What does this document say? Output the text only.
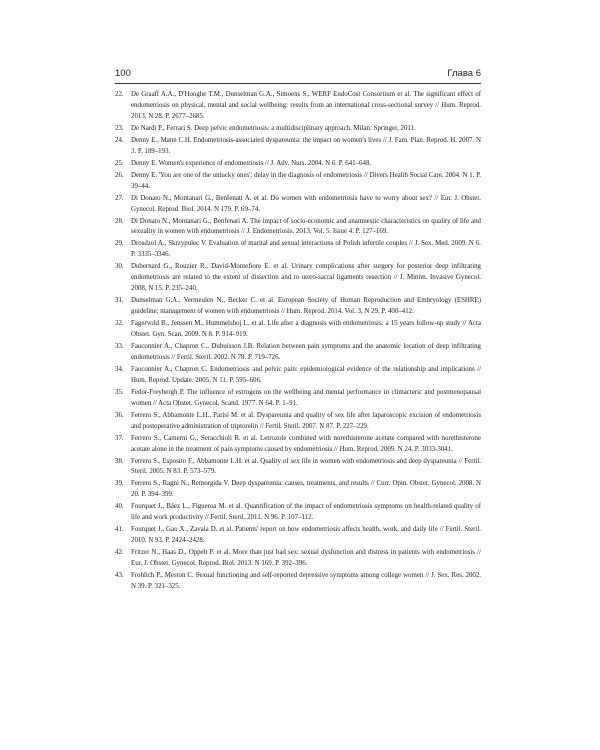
100	Глава 6
22.	De Graaff A.A., D'Hooghe T.M., Dunselman G.A., Simoens S., WERF EndoCost Consortium et al. The significant effect of endometriosis on physical, mental and social wellbeing: results from an international cross-sectional survey // Hum. Reprod. 2013. N 28. P. 2677–2685.
23.	De Nardi P., Ferrari S. Deep pelvic endometriosis: a multidisciplinary approach. Milan: Springer, 2011.
24.	Denny E., Mann C.H. Endometriosis-associated dyspareunia: the impact on women's lives // J. Fam. Plan. Reprod. H. 2007. N 3. P. 189–193.
25.	Denny E. Women's experience of endometriosis // J. Adv. Nurs. 2004. N 6. P. 641–648.
26.	Denny E. 'You are one of the unlucky ones': delay in the diagnosis of endometriosis // Divers Health Social Care. 2004. N 1. P. 39–44.
27.	Di Donato N., Montanari G., Benfenati A. et al. Do women with endometriosis have to worry about sex? // Eur. J. Obstet. Gynecol. Reprod. Biol. 2014. N 179. P. 69–74.
28.	Di Donato N., Montanari G., Benfenati A. The impact of socio-economic and anamnestic characteristics on quality of life and sexuality in women with endometriosis // J. Endometriosis. 2013. Vol. 5. Issue 4. P. 127–169.
29.	Drosdzol A., Skrzypulec V. Evaluation of marital and sexual interactions of Polish infertile couples // J. Sex. Med. 2009. N 6. P. 3335–3346.
30.	Dubernard G., Rouzier R., David-Montefiore E. et al. Urinary complications after surgery for posterior deep infiltrating endometriosis are related to the extent of dissection and to utero-sacral ligaments resection // J. Minim. Invasive Gynecol. 2008. N 15. P. 235–240.
31.	Dunselman G.A., Vermeulen N., Becker C. et al. European Society of Human Reproduction and Embryology (ESHRE) guideline: management of women with endometriosis // Hum. Reprod. 2014. Vol. 3, N 29. P. 400–412.
32.	Fagervold B., Jenssen M., Hummelshoj L. et al. Life after a diagnosis with endometriosis: a 15 years follow-up study // Acta Obstet. Gyn. Scan. 2009. N 8. P. 914–919.
33.	Fauconnier A., Chapron C., Dubuisson J.B. Relation between pain symptoms and the anatomic location of deep infiltrating endometriosis // Fertil. Steril. 2002. N 78. P. 719–726.
34.	Fauconnier A., Chapron C. Endometriosis and pelvic pain: epidemiological evidence of the relationship and implications // Hum. Reprod. Update. 2005. N 11. P. 595–606.
35.	Fedor-Freybergh P. The influence of estrogens on the wellbeing and mental performance in climacteric and postmenopausal women // Acta Obstet. Gynecol. Scand. 1977. N 64. P. 1–91.
36.	Ferrero S., Abbamonte L.H., Parisi M. et al. Dyspareunia and quality of sex life after laparoscopic excision of endometriosis and postoperative administration of triptorelin // Fertil. Steril. 2007. N 87. P. 227–229.
37.	Ferrero S., Camerni G., Seracchioli R. et al. Letrozole combined with norethisterone acetate compared with norethisterone acetate alone in the treatment of pain symptoms caused by endometriosis // Hum. Reprod. 2009. N 24. P. 3033-3041.
38.	Ferrero S., Esposito F., Abbamonte L.H. et al. Quality of sex life in women with endometriosis and deep dyspareunia // Fertil. Steril. 2005. N 83. P. 573–579.
39.	Ferrero S., Ragni N., Remorgida V. Deep dyspareunia: causes, treatments, and results // Curr. Opin. Obstet. Gynecol. 2008. N 20. P. 394–399.
40.	Fourquet J., Báez L., Figueroa M. et al. Quantification of the impact of endometriosis symptoms on health-related quality of life and work productivity // Fertil. Steril. 2011. N 96. P. 107–112.
41.	Fourquet J., Gao X., Zavala D. et al. Patients' report on how endometriosis affects health, work, and daily life // Fertil. Steril. 2010. N 93. P. 2424–2428.
42.	Fritzer N., Haas D., Oppelt P. et al. More than just bad sex: sexual dysfunction and distress in patients with endometriosis // Eur. J. Obstet. Gynecol. Reprod. Biol. 2013. N 169. P. 392–396.
43.	Frohlich P., Meston C. Sexual functioning and self-reported depressive symptoms among college women // J. Sex. Res. 2002. N 39. P. 321–325.
